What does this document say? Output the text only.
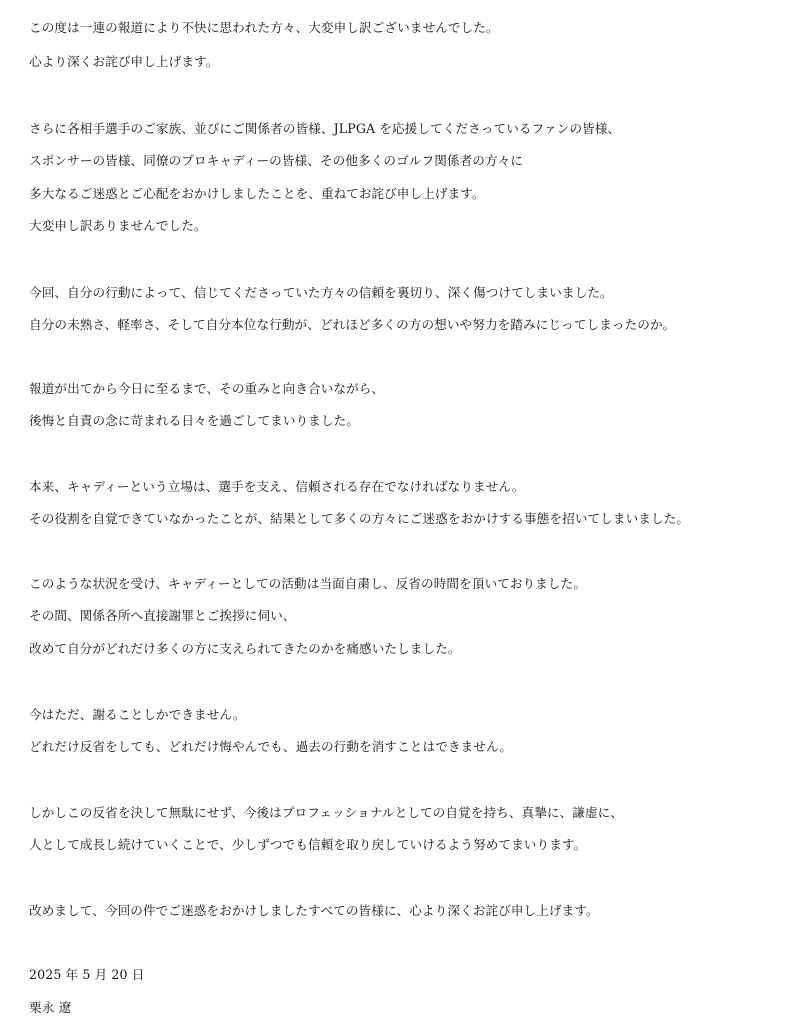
この度は一連の報道により不快に思われた方々、大変申し訳ございませんでした。

心より深くお詫び申し上げます。

さらに各相手選手のご家族、並びにご関係者の皆様、JLPGA を応援してくださっているファンの皆様、

スポンサーの皆様、同僚のプロキャディーの皆様、その他多くのゴルフ関係者の方々に

多大なるご迷惑とご心配をおかけしましたことを、重ねてお詫び申し上げます。

大変申し訳ありませんでした。

今回、自分の行動によって、信じてくださっていた方々の信頼を裏切り、深く傷つけてしまいました。

自分の未熟さ、軽率さ、そして自分本位な行動が、どれほど多くの方の想いや努力を踏みにじってしまったのか。

報道が出てから今日に至るまで、その重みと向き合いながら、

後悔と自責の念に苛まれる日々を過ごしてまいりました。

本来、キャディーという立場は、選手を支え、信頼される存在でなければなりません。

その役割を自覚できていなかったことが、結果として多くの方々にご迷惑をおかけする事態を招いてしまいました。

このような状況を受け、キャディーとしての活動は当面自粛し、反省の時間を頂いておりました。

その間、関係各所へ直接謝罪とご挨拶に伺い、

改めて自分がどれだけ多くの方に支えられてきたのかを痛感いたしました。

今はただ、謝ることしかできません。

どれだけ反省をしても、どれだけ悔やんでも、過去の行動を消すことはできません。

しかしこの反省を決して無駄にせず、今後はプロフェッショナルとしての自覚を持ち、真摯に、謙虚に、

人として成長し続けていくことで、少しずつでも信頼を取り戻していけるよう努めてまいります。

改めまして、今回の件でご迷惑をおかけしましたすべての皆様に、心より深くお詫び申し上げます。

2025 年 5 月 20 日

栗永 遼
